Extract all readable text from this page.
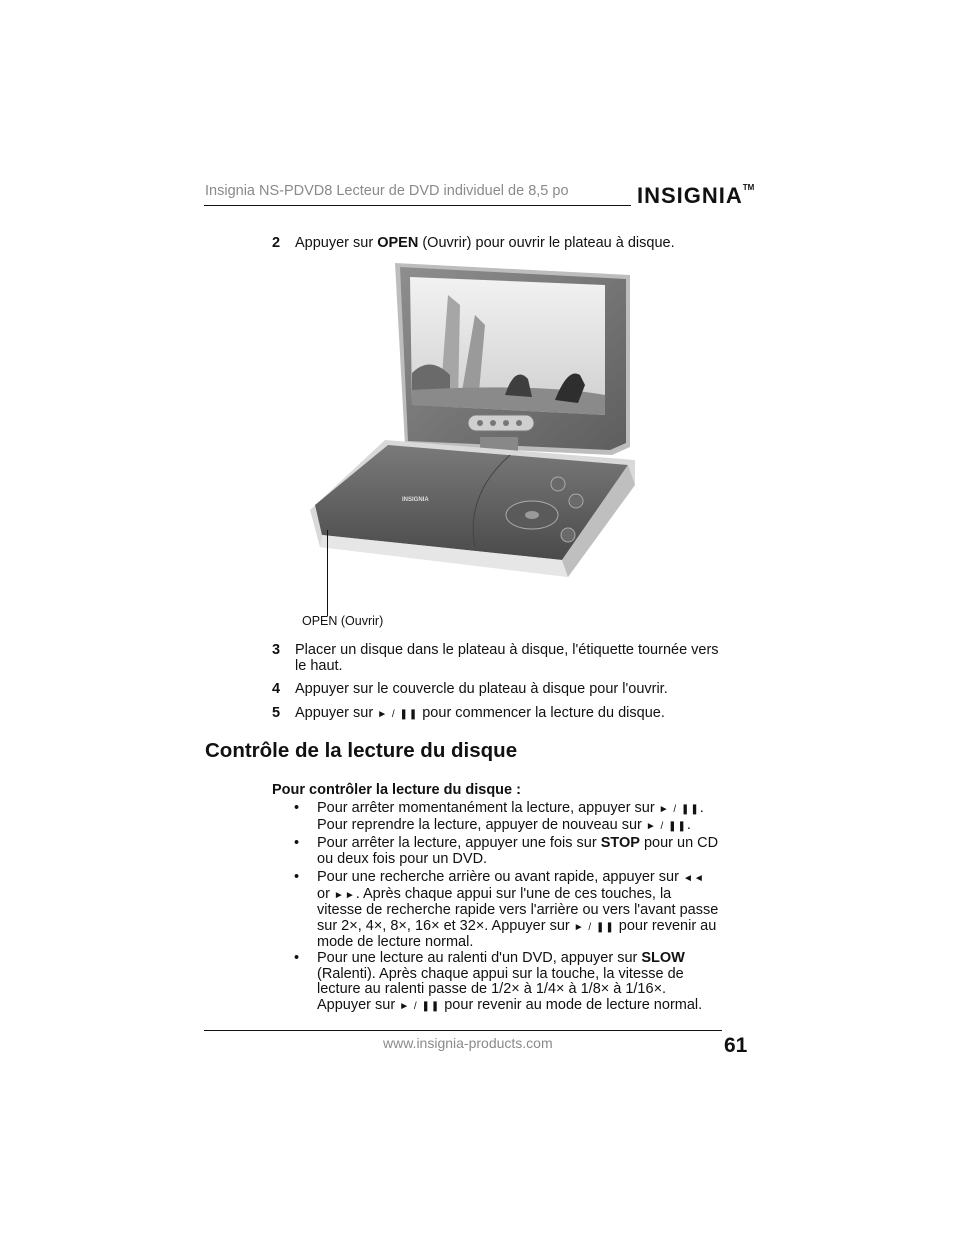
Insignia NS-PDVD8 Lecteur de DVD individuel de 8,5 po	INSIGNIA™
2 Appuyer sur OPEN (Ouvrir) pour ouvrir le plateau à disque.
INSIGNIA
OPEN (Ouvrir)
3 Placer un disque dans le plateau à disque, l'étiquette tournée vers
le haut.
4 Appuyer sur le couvercle du plateau à disque pour l'ouvrir.
5 Appuyer sur ► / ❚❚ pour commencer la lecture du disque.
Contrôle de la lecture du disque
Pour contrôler la lecture du disque :
• Pour arrêter momentanément la lecture, appuyer sur ► / ❚❚.
Pour reprendre la lecture, appuyer de nouveau sur ► / ❚❚.
• Pour arrêter la lecture, appuyer une fois sur STOP pour un CD
ou deux fois pour un DVD.
• Pour une recherche arrière ou avant rapide, appuyer sur ◄◄
or ►►. Après chaque appui sur l'une de ces touches, la
vitesse de recherche rapide vers l'arrière ou vers l'avant passe
sur 2×, 4×, 8×, 16× et 32×. Appuyer sur ► / ❚❚ pour revenir au
mode de lecture normal.
• Pour une lecture au ralenti d'un DVD, appuyer sur SLOW
(Ralenti). Après chaque appui sur la touche, la vitesse de
lecture au ralenti passe de 1/2× à 1/4× à 1/8× à 1/16×.
Appuyer sur ► / ❚❚ pour revenir au mode de lecture normal.
www.insignia-products.com	61
